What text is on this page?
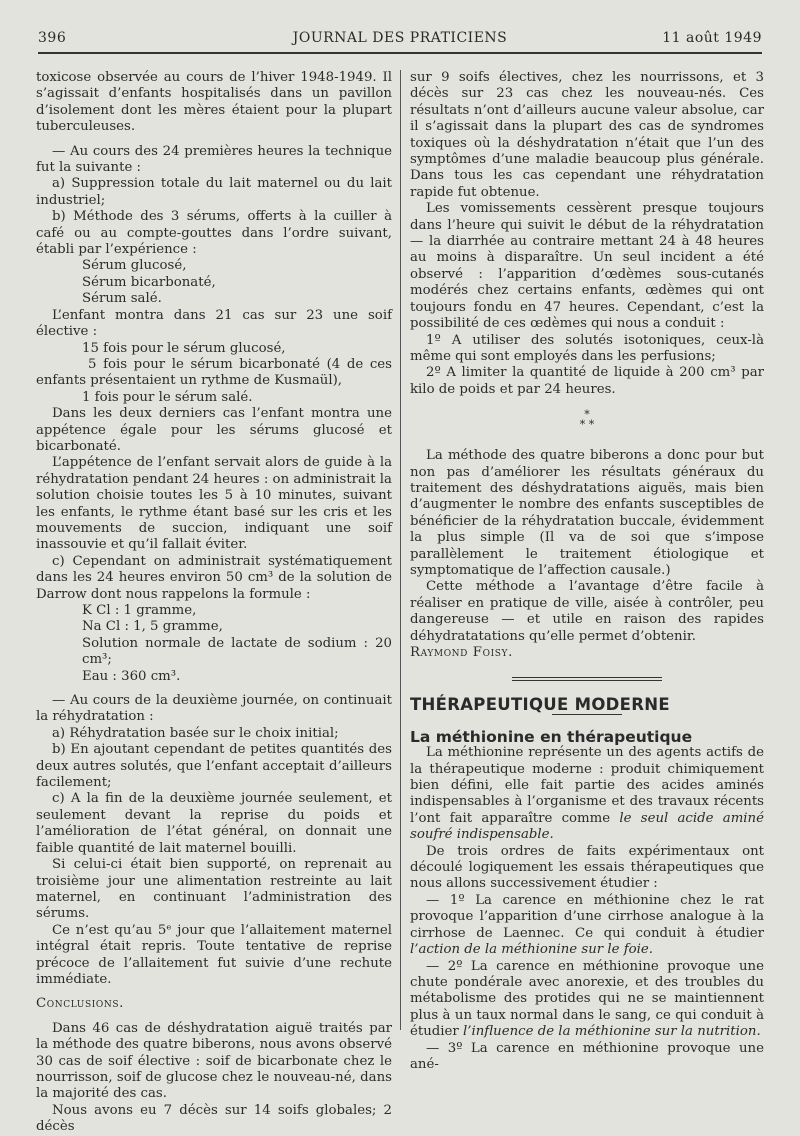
396	JOURNAL DES PRATICIENS	11 août 1949

toxicose observée au cours de l’hiver 1948-1949. Il s’agissait d’enfants hospitalisés dans un pavillon d’isolement dont les mères étaient pour la plupart tuberculeuses.

— Au cours des 24 premières heures la technique fut la suivante :

a) Suppression totale du lait maternel ou du lait industriel;

b) Méthode des 3 sérums, offerts à la cuiller à café ou au compte-gouttes dans l’ordre suivant, établi par l’expérience :

Sérum glucosé,

Sérum bicarbonaté,

Sérum salé.

L’enfant montra dans 21 cas sur 23 une soif élective :

15 fois pour le sérum glucosé,

5 fois pour le sérum bicarbonaté (4 de ces enfants présentaient un rythme de Kusmaül),

1 fois pour le sérum salé.

Dans les deux derniers cas l’enfant montra une appétence égale pour les sérums glucosé et bicarbonaté.

L’appétence de l’enfant servait alors de guide à la réhydratation pendant 24 heures : on administrait la solution choisie toutes les 5 à 10 minutes, suivant les enfants, le rythme étant basé sur les cris et les mouvements de succion, indiquant une soif inassouvie et qu’il fallait éviter.

c) Cependant on administrait systématiquement dans les 24 heures environ 50 cm³ de la solution de Darrow dont nous rappelons la formule :

K Cl : 1 gramme,

Na Cl : 1, 5 gramme,

Solution normale de lactate de sodium : 20 cm³;

Eau : 360 cm³.

— Au cours de la deuxième journée, on continuait la réhydratation :

a) Réhydratation basée sur le choix initial;

b) En ajoutant cependant de petites quantités des deux autres solutés, que l’enfant acceptait d’ailleurs facilement;

c) A la fin de la deuxième journée seulement, et seulement devant la reprise du poids et l’amélioration de l’état général, on donnait une faible quantité de lait maternel bouilli.

Si celui-ci était bien supporté, on reprenait au troisième jour une alimentation restreinte au lait maternel, en continuant l’administration des sérums.

Ce n’est qu’au 5ᵉ jour que l’allaitement maternel intégral était repris. Toute tentative de reprise précoce de l’allaitement fut suivie d’une rechute immédiate.

Conclusions.

Dans 46 cas de déshydratation aiguë traités par la méthode des quatre biberons, nous avons observé 30 cas de soif élective : soif de bicarbonate chez le nourrisson, soif de glucose chez le nouveau-né, dans la majorité des cas.

Nous avons eu 7 décès sur 14 soifs globales; 2 décès

sur 9 soifs électives, chez les nourrissons, et 3 décès sur 23 cas chez les nouveau-nés. Ces résultats n’ont d’ailleurs aucune valeur absolue, car il s’agissait dans la plupart des cas de syndromes toxiques où la déshydratation n’était que l’un des symptômes d’une maladie beaucoup plus générale. Dans tous les cas cependant une réhydratation rapide fut obtenue.

Les vomissements cessèrent presque toujours dans l’heure qui suivit le début de la réhydratation — la diarrhée au contraire mettant 24 à 48 heures au moins à disparaître. Un seul incident a été observé : l’apparition d’œdèmes sous-cutanés modérés chez certains enfants, œdèmes qui ont toujours fondu en 47 heures. Cependant, c’est la possibilité de ces œdèmes qui nous a conduit :

1º A utiliser des solutés isotoniques, ceux-là même qui sont employés dans les perfusions;

2º A limiter la quantité de liquide à 200 cm³ par kilo de poids et par 24 heures.

*
* *

La méthode des quatre biberons a donc pour but non pas d’améliorer les résultats généraux du traitement des déshydratations aiguës, mais bien d’augmenter le nombre des enfants susceptibles de bénéficier de la réhydratation buccale, évidemment la plus simple (Il va de soi que s’impose parallèlement le traitement étiologique et symptomatique de l’affection causale.)

Cette méthode a l’avantage d’être facile à réaliser en pratique de ville, aisée à contrôler, peu dangereuse — et utile en raison des rapides déhydratatations qu’elle permet d’obtenir.

Raymond Foisy.

THÉRAPEUTIQUE MODERNE

La méthionine en thérapeutique

La méthionine représente un des agents actifs de la thérapeutique moderne : produit chimiquement bien défini, elle fait partie des acides aminés indispensables à l’organisme et des travaux récents l’ont fait apparaître comme le seul acide aminé soufré indispensable.

De trois ordres de faits expérimentaux ont découlé logiquement les essais thérapeutiques que nous allons successivement étudier :

— 1º La carence en méthionine chez le rat provoque l’apparition d’une cirrhose analogue à la cirrhose de Laennec. Ce qui conduit à étudier l’action de la méthionine sur le foie.

— 2º La carence en méthionine provoque une chute pondérale avec anorexie, et des troubles du métabolisme des protides qui ne se maintiennent plus à un taux normal dans le sang, ce qui conduit à étudier l’influence de la méthionine sur la nutrition.

— 3º La carence en méthionine provoque une ané-
